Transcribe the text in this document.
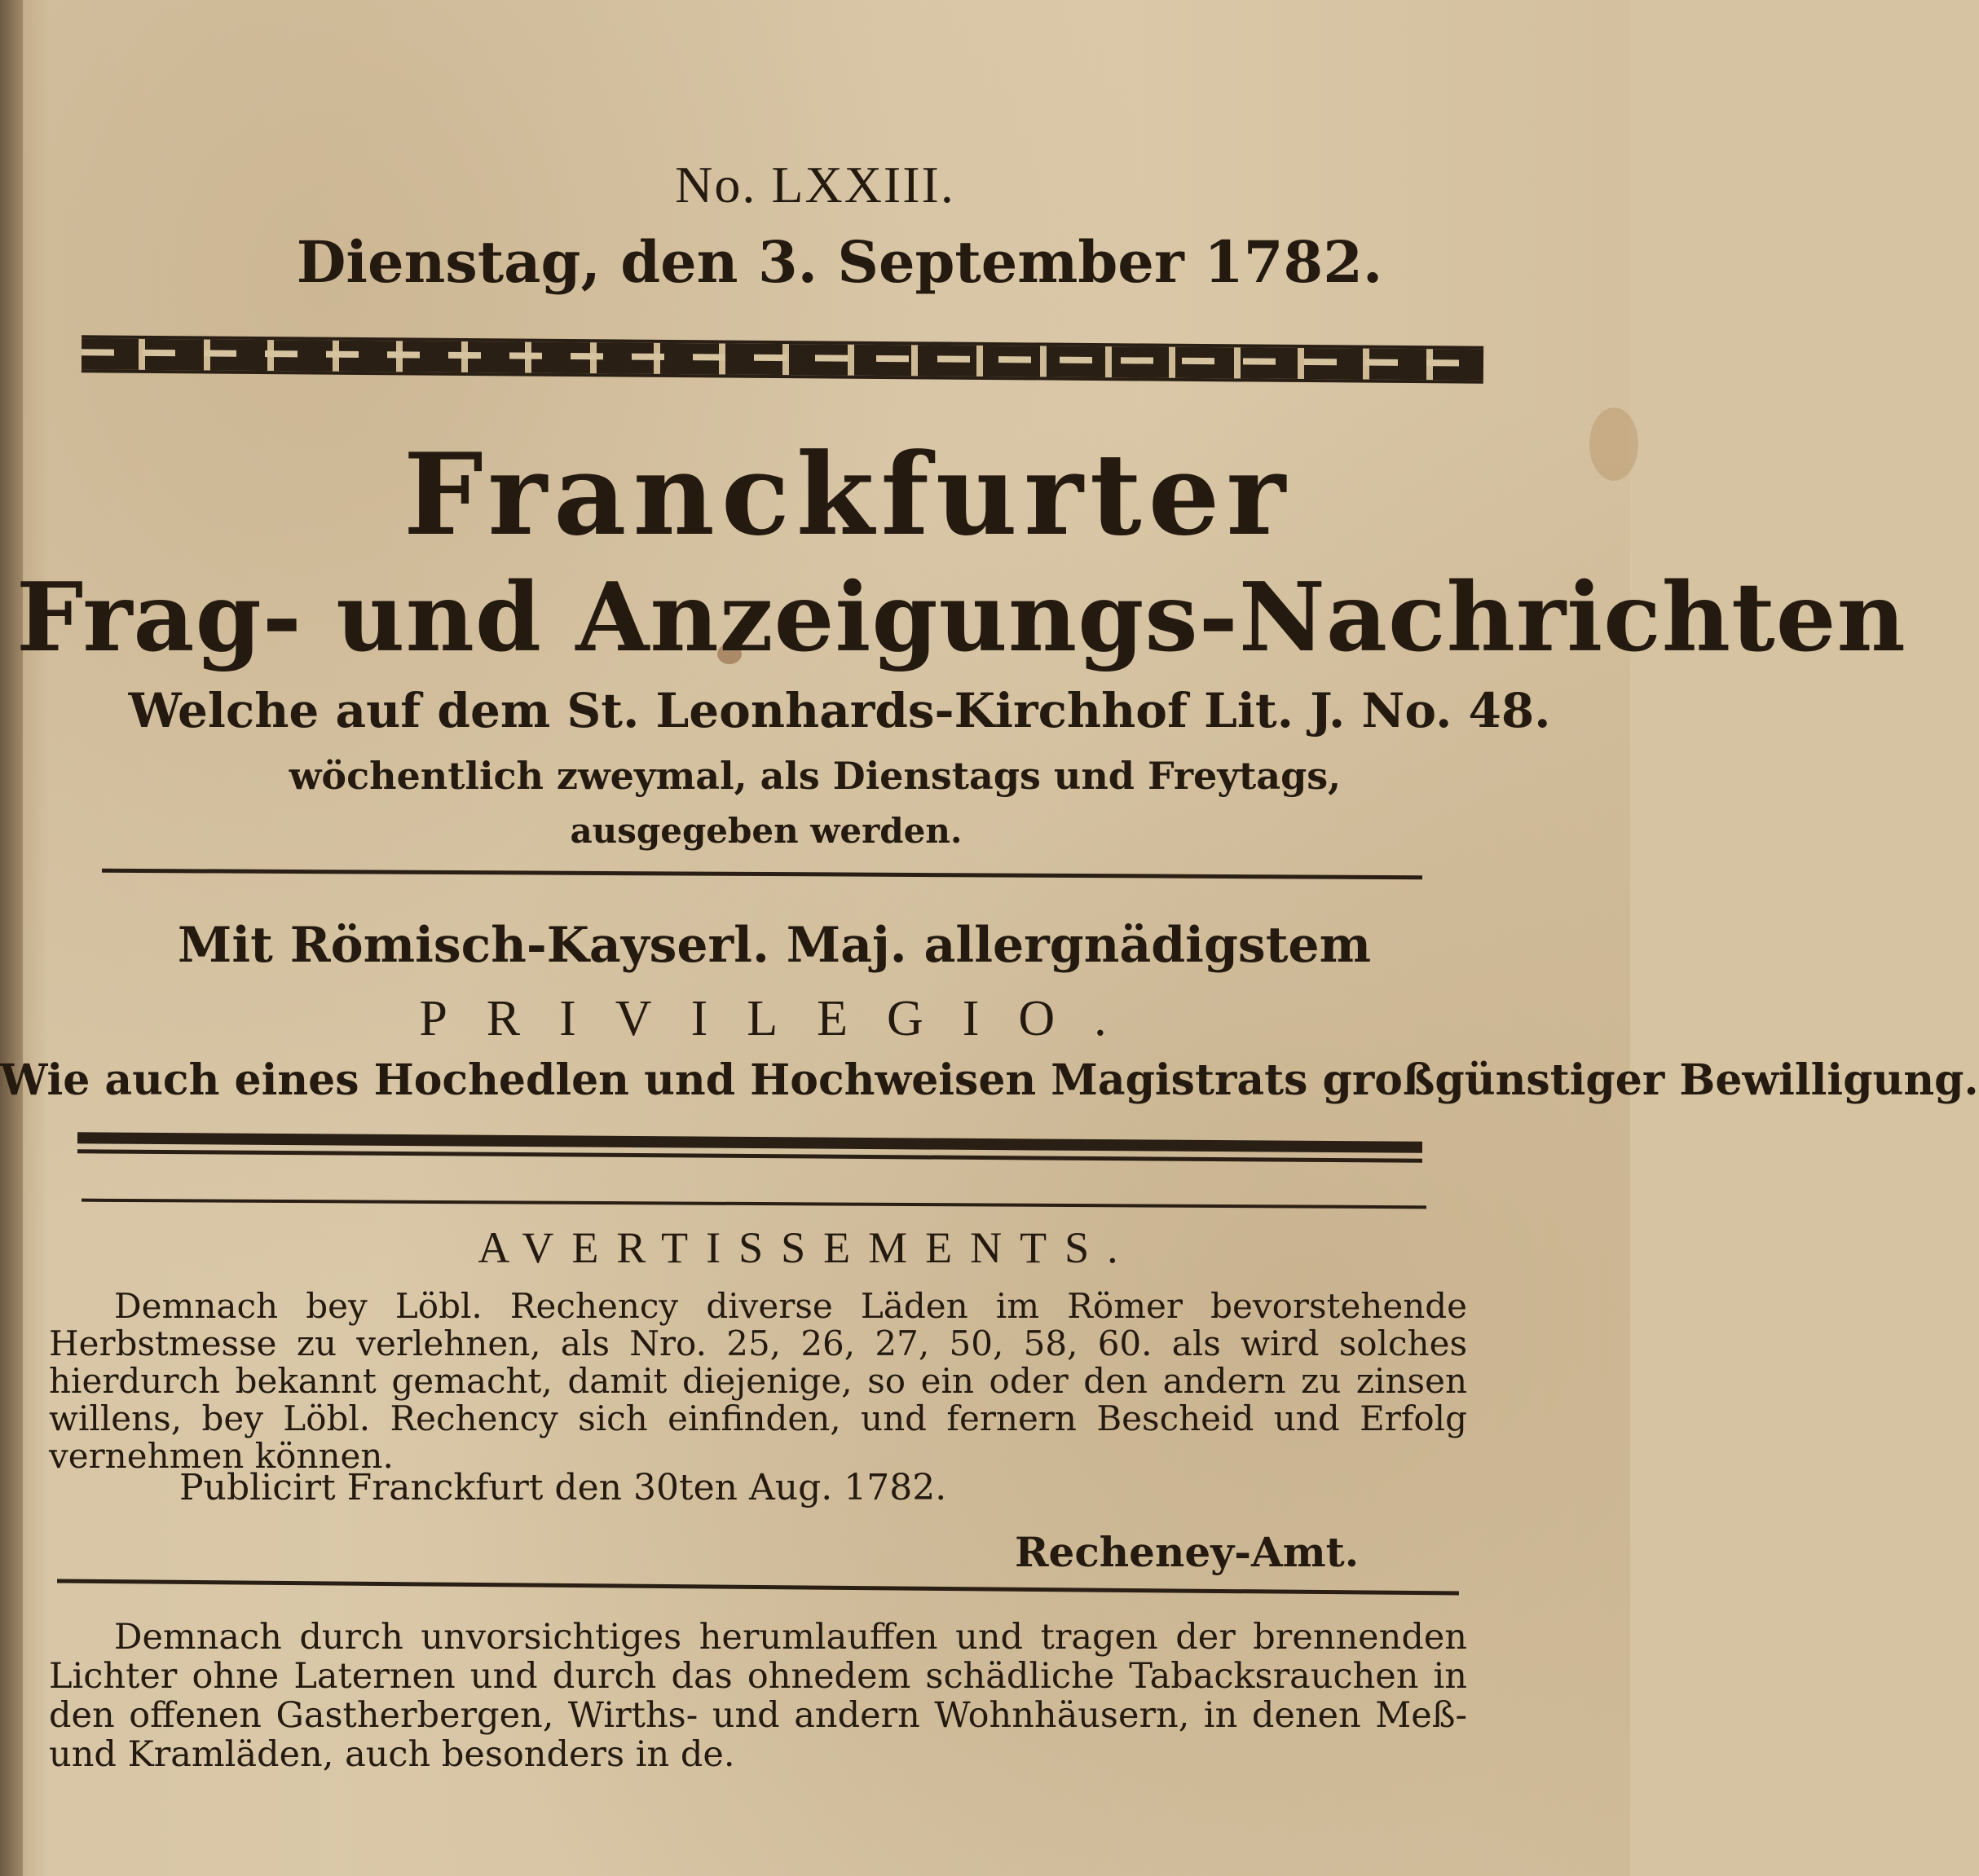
No. LXXIII.
Dienstag, den 3. September 1782.
Franckfurter
Frag- und Anzeigungs-Nachrichten
Welche auf dem St. Leonhards-Kirchhof Lit. J. No. 48.
wöchentlich zweymal, als Dienstags und Freytags,
ausgegeben werden.
Mit Römisch-Kayserl. Maj. allergnädigstem
PRIVILEGIO.
Wie auch eines Hochedlen und Hochweisen Magistrats großgünstiger Bewilligung.
AVERTISSEMENTS.
Demnach bey Löbl. Rechency diverse Läden im Römer bevorstehende Herbstmesse zu verlehnen, als Nro. 25, 26, 27, 50, 58, 60. als wird solches hierdurch bekannt gemacht, damit diejenige, so ein oder den andern zu zinsen willens, bey Löbl. Rechency sich einfinden, und fernern Bescheid und Erfolg vernehmen können.
Publicirt Franckfurt den 30ten Aug. 1782.
Recheney-Amt.
Demnach durch unvorsichtiges herumlauffen und tragen der brennenden Lichter ohne Laternen und durch das ohnedem schädliche Tabacksrauchen in den offenen Gastherbergen, Wirths- und andern Wohnhäusern, in denen Meß- und Kramläden, auch besonders in de.
